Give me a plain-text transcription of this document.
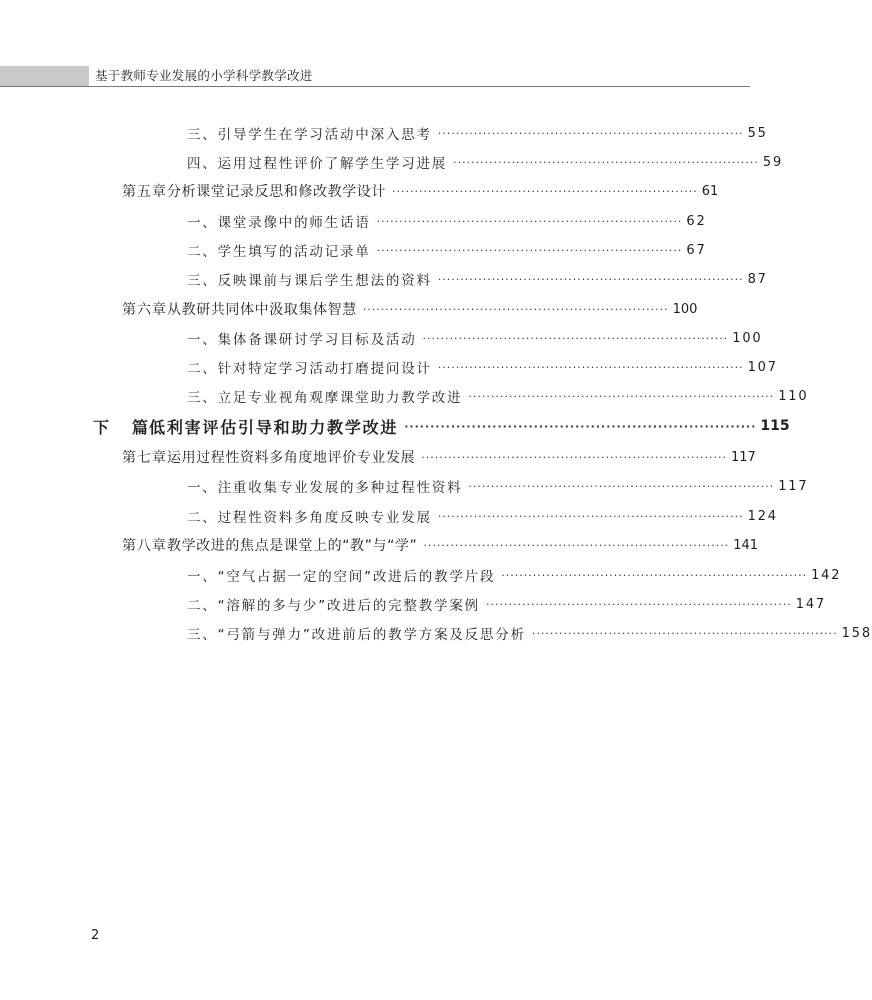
基于教师专业发展的小学科学教学改进
三、引导学生在学习活动中深入思考 ···································································· 55
四、运用过程性评价了解学生学习进展 ···································································· 59
第五章 分析课堂记录反思和修改教学设计 ···································································· 61
一、课堂录像中的师生话语 ···································································· 62
二、学生填写的活动记录单 ···································································· 67
三、反映课前与课后学生想法的资料 ···································································· 87
第六章 从教研共同体中汲取集体智慧 ···································································· 100
一、集体备课研讨学习目标及活动 ···································································· 100
二、针对特定学习活动打磨提问设计 ···································································· 107
三、立足专业视角观摩课堂助力教学改进 ···································································· 110
下 篇 低利害评估引导和助力教学改进 ···································································· 115
第七章 运用过程性资料多角度地评价专业发展 ···································································· 117
一、注重收集专业发展的多种过程性资料 ···································································· 117
二、过程性资料多角度反映专业发展 ···································································· 124
第八章 教学改进的焦点是课堂上的“教”与“学” ···································································· 141
一、“空气占据一定的空间”改进后的教学片段 ···································································· 142
二、“溶解的多与少”改进后的完整教学案例 ···································································· 147
三、“弓箭与弹力”改进前后的教学方案及反思分析 ···································································· 158
2
